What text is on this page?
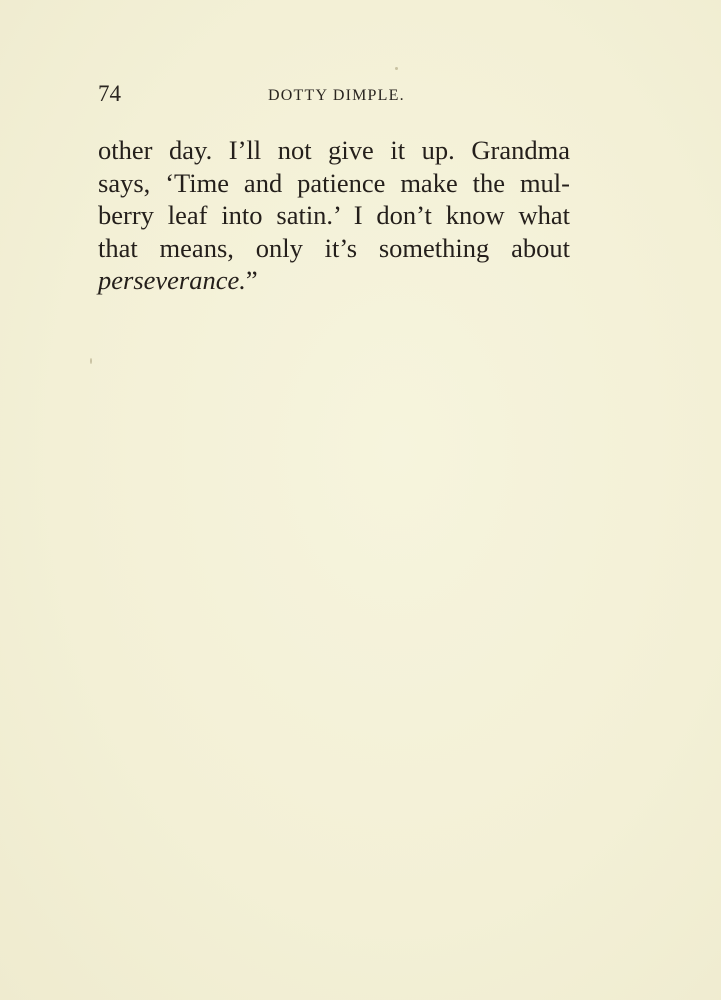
74	DOTTY DIMPLE.
other day. I’ll not give it up. Grandma
says, ‘Time and patience make the mul-
berry leaf into satin.’ I don’t know what
that means, only it’s something about
perseverance.”
